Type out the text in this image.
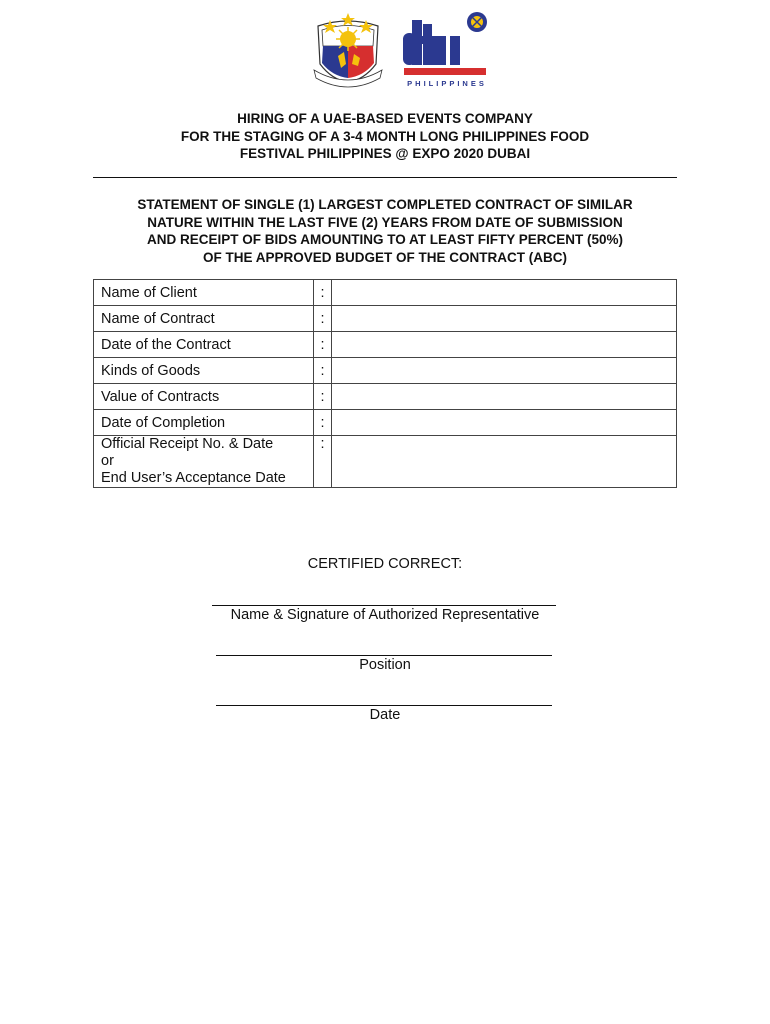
PHILIPPINES
HIRING OF A UAE-BASED EVENTS COMPANY
FOR THE STAGING OF A 3-4 MONTH LONG PHILIPPINES FOOD
FESTIVAL PHILIPPINES @ EXPO 2020 DUBAI
STATEMENT OF SINGLE (1) LARGEST COMPLETED CONTRACT OF SIMILAR
NATURE WITHIN THE LAST FIVE (2) YEARS FROM DATE OF SUBMISSION
AND RECEIPT OF BIDS AMOUNTING TO AT LEAST FIFTY PERCENT (50%)
OF THE APPROVED BUDGET OF THE CONTRACT (ABC)
Name of Client	:	
Name of Contract	:	
Date of the Contract	:	
Kinds of Goods	:	
Value of Contracts	:	
Date of Completion	:	

Official Receipt No. & Date
or
End User’s Acceptance Date	:	
CERTIFIED CORRECT:
Name & Signature of Authorized Representative
Position
Date
